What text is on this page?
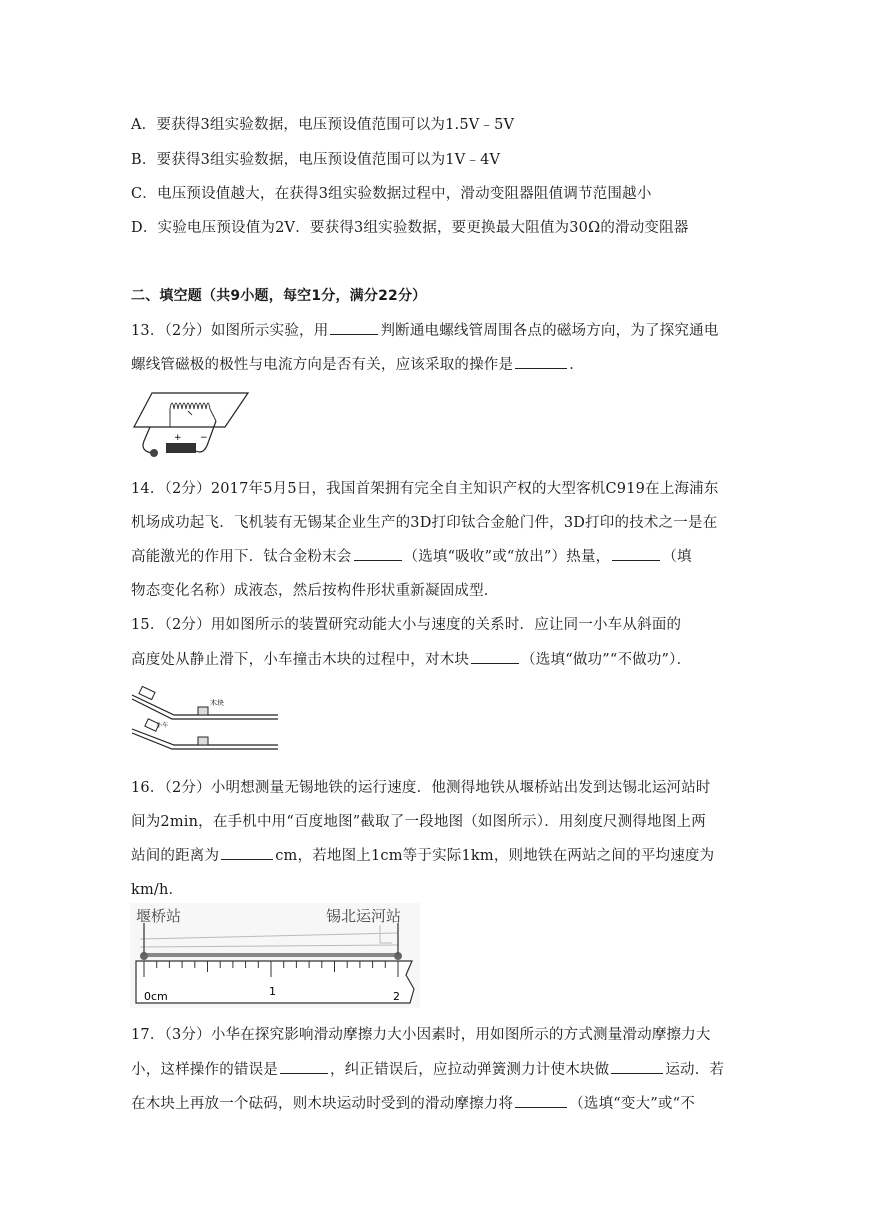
A．要获得3组实验数据，电压预设值范围可以为1.5V﹣5V
B．要获得3组实验数据，电压预设值范围可以为1V﹣4V
C．电压预设值越大，在获得3组实验数据过程中，滑动变阻器阻值调节范围越小
D．实验电压预设值为2V．要获得3组实验数据，要更换最大阻值为30Ω的滑动变阻器
二、填空题（共9小题，每空1分，满分22分）
13．（2分）如图所示实验，用	判断通电螺线管周围各点的磁场方向，为了探究通电
螺线管磁极的极性与电流方向是否有关，应该采取的操作是	．
+ −
14．（2分）2017年5月5日，我国首架拥有完全自主知识产权的大型客机C919在上海浦东
机场成功起飞．飞机装有无锡某企业生产的3D打印钛合金舱门件，3D打印的技术之一是在
高能激光的作用下．钛合金粉末会	（选填“吸收”或“放出”）热量，	（填
物态变化名称）成液态，然后按构件形状重新凝固成型．
15．（2分）用如图所示的装置研究动能大小与速度的关系时．应让同一小车从斜面的
高度处从静止滑下，小车撞击木块的过程中，对木块	（选填“做功”“不做功”）．
木块
小车
16．（2分）小明想测量无锡地铁的运行速度．他测得地铁从堰桥站出发到达锡北运河站时
间为2min，在手机中用“百度地图”截取了一段地图（如图所示）．用刻度尺测得地图上两
站间的距离为	cm，若地图上1cm等于实际1km，则地铁在两站之间的平均速度为
km/h．
堰桥站	锡北运河站
0cm	1	2
17．（3分）小华在探究影响滑动摩擦力大小因素时，用如图所示的方式测量滑动摩擦力大
小，这样操作的错误是	，纠正错误后，应拉动弹簧测力计使木块做	运动．若
在木块上再放一个砝码，则木块运动时受到的滑动摩擦力将	（选填“变大”或“不
